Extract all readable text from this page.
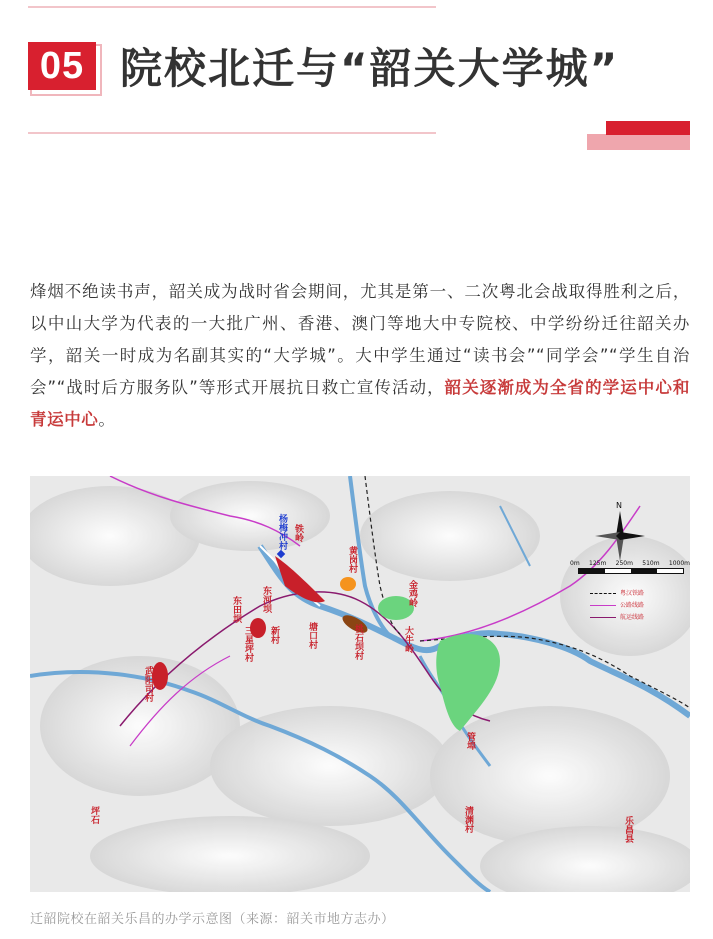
05 院校北迁与“韶关大学城”
烽烟不绝读书声，韶关成为战时省会期间，尤其是第一、二次粤北会战取得胜利之后，以中山大学为代表的一大批广州、香港、澳门等地大中专院校、中学纷纷迁往韶关办学，韶关一时成为名副其实的“大学城”。大中学生通过“读书会”“同学会”“学生自治会”“战时后方服务队”等形式开展抗日救亡宣传活动，韶关逐渐成为全省的学运中心和青运中心。
N
杨梅冲村 铁岭
东河坝
东田坝
三星坪村 新村	塘口村
黄岗村
武阳司村
桃石坝村
金鸡岭
大牛岭
管埠
清渊村	乐昌县
坪石
0m 125m 250m 510m 1000m
粤汉铁路
公路线路
航运线路
迁韶院校在韶关乐昌的办学示意图（来源：韶关市地方志办）
